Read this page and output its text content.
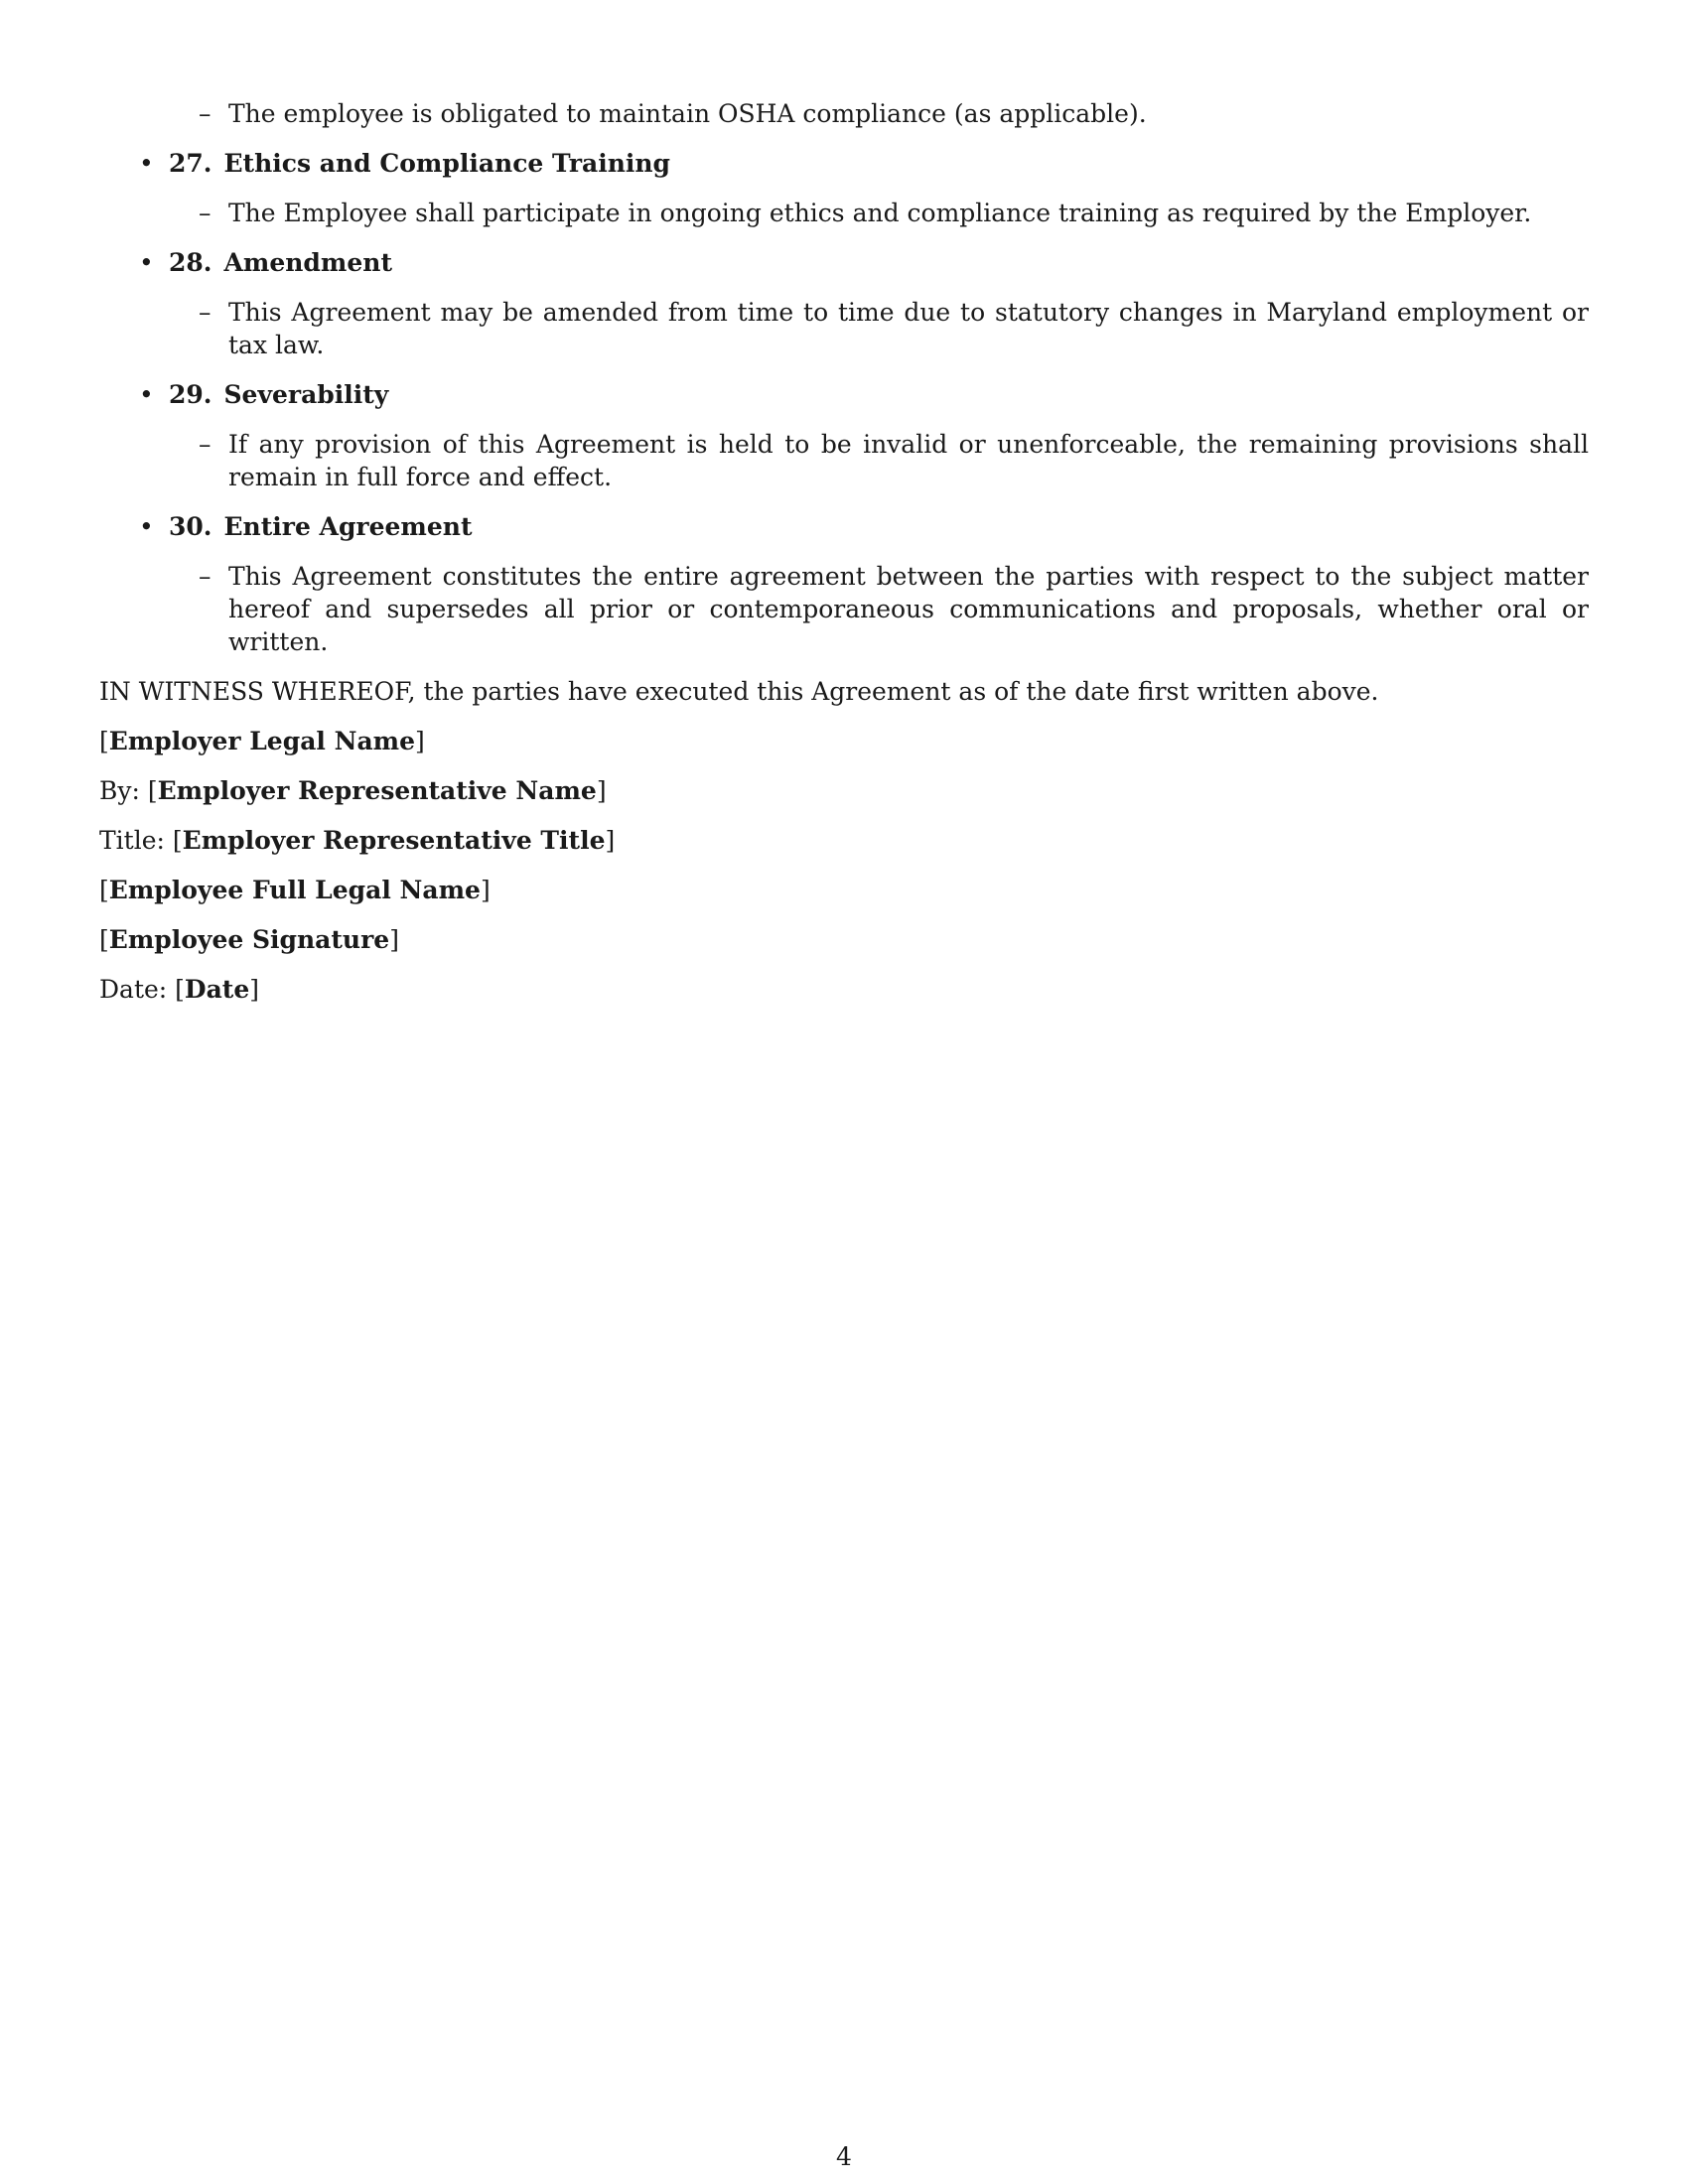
– The employee is obligated to maintain OSHA compliance (as applicable).
• 27. Ethics and Compliance Training
– The Employee shall participate in ongoing ethics and compliance training as required by the Employer.
• 28. Amendment
– This Agreement may be amended from time to time due to statutory changes in Maryland employment or tax law.
• 29. Severability
– If any provision of this Agreement is held to be invalid or unenforceable, the remaining provisions shall remain in full force and effect.
• 30. Entire Agreement
– This Agreement constitutes the entire agreement between the parties with respect to the subject matter hereof and supersedes all prior or contemporaneous communications and proposals, whether oral or written.
IN WITNESS WHEREOF, the parties have executed this Agreement as of the date first written above.
[Employer Legal Name]
By: [Employer Representative Name]
Title: [Employer Representative Title]
[Employee Full Legal Name]
[Employee Signature]
Date: [Date]
4
